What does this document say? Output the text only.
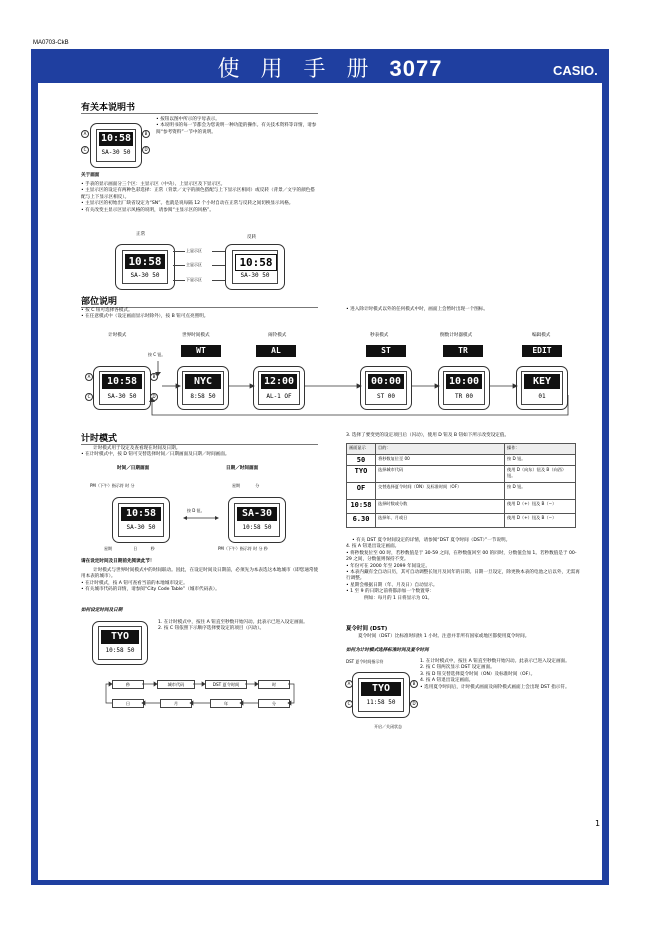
MA0703-CkB
使 用 手 册 3077	CASIO.
有关本说明书
10:58
SA-30 50
A
C
B
D
• 按钮以图中所示的字母表示。
• 本说明书的每一节都会为您说明一种功能的操作。有关技术资料等详情，请参阅“参考资料”一节中的说明。
关于画面
• 手表的显示画面分三个区：主显示区（中央）、上显示区及下显示区。
• 主显示区的设定有两种色彩选择：正常（背景／文字的颜色搭配与上下显示区相同）或反转（背景／文字的颜色搭配与上下显示区相反）。
• 主显示区的初始出厂缺省设定为“SN”。也就是说每隔 12 个小时自动在正常与反转之间切换显示风格。
• 有关改变主显示区显示风格的说明，请参阅“主显示区的风格”。
正常
反转
10:58
SA-30 50
上显示区
主显示区
下显示区
10:58
SA-30 50
部位说明
• 按 C 钮可选择各模式。
• 在任意模式中（设定画面显示时除外），按 B 钮可点亮照明。
• 进入除计时模式以外的任何模式中时，画面上会暂时出现一个图标。
计时模式	世界时间模式	闹铃模式	秒表模式	倒数计时器模式	编辑模式
按 C 钮。	WT	AL	ST	TR	EDIT
10:58
SA-30 50
NYC
8:58 50
12:00
AL-1 OF
00:00
ST 00
10:00
TR 00
KEY
01
A
C
B
D
计时模式
计时模式用于设定及查看现在时间及日期。
• 在计时模式中，按 D 钮可交替选择时间／日期画面及日期／时间画面。
时间／日期画面	日期／时间画面
PM（下午）指示符 时 分	星期	分
10:58
SA-30 50
按 D 钮。	SA-30
10:58 50
星期	日	秒	PM（下午）指示符 时 分 秒
请在设定时间及日期前先阅读此节！
计时模式与世界时间模式中的时间联动。因此，在设定时间及日期前，必须先为本表选这本地城市（即您通常使用本表的城市）。
• 在计时模式，按 A 钮可查看当前的本地城市设定。
• 有关城市代码的详情，请参阅“City Code Table”（城市代码表）。
如何设定时间及日期
TYO
10:58 50
1. 在计时模式中，按住 A 钮直至秒数开始闪动。此表示已进入设定画面。
2. 按 C 钮依照下示顺序选择要设定的项目（闪动）。
秒	城市代码	DST 夏令时间	时
日	月	年	分
3. 选择了要变更的设定项目后（闪动），使用 D 钮及 B 钮如下所示改变设定值。
画面显示	目的：	操作：
50	将秒数复位至 00	按 D 钮。
TYO	选择城市代码	使用 D（向东）钮及 B（向西）钮。
OF	交替选择夏令时间（ON）及标准时间（OF）	按 D 钮。
10:58	选择时数或分数	使用 D（+）钮及 B（−）
6.30	选择年、月或日	使用 D（+）钮及 B（−）
• 有关 DST 夏令时间设定的详情，请参阅“DST 夏令时间（DST）”一节说明。
4. 按 A 钮退出设定画面。
• 将秒数复位至 00 时，若秒数值是于 30-59 之间，在秒数值回至 00 的同时，分数值会加 1。若秒数值是于 00-29 之间，分数值则保持不变。
• 年份可在 2000 年至 2099 年间设定。
• 本表内藏有全自动日历，其可自动调整长短月及闰年的日期。日期一旦设定，除更换本表的电池之后以外，无需再行调整。
• 星期会根据日期（年、月及日）自动显示。
• 1 至 9 的日期之前将都添加一个数置零：
例如：每月的 1 日将显示为 01。
夏令时间 (DST)
夏令时间（DST）比标准时间快 1 小时。注意并非所有国家或地区都使用夏令时间。
如何为计时模式选择标准时间及夏令时间
DST 夏令时间指示符
TYO
11:58 50
A
C
B
D
开启／关闭状态
1. 在计时模式中，按住 A 钮直至秒数开始闪动。此表示已进入设定画面。
2. 按 C 钮两次显示 DST 设定画面。
3. 按 D 钮交替选择夏令时间（ON）及标准时间（OF）。
4. 按 A 钮退出设定画面。
• 选用夏令时间后，计时模式画面及闹铃模式画面上会出现 DST 指示符。
1
